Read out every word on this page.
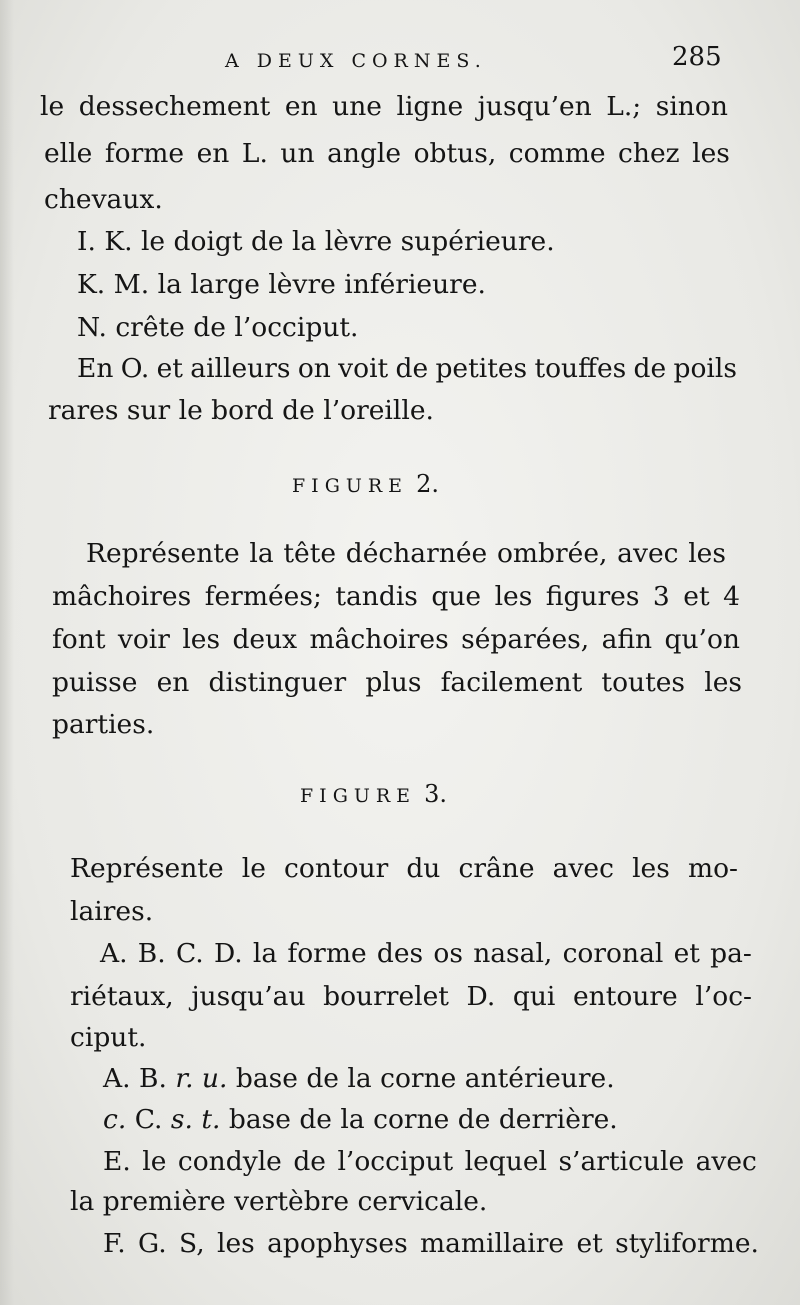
A DEUX CORNES.	285
le dessechement en une ligne jusqu’en L.; sinon
elle forme en L. un angle obtus, comme chez les
chevaux.
I. K. le doigt de la lèvre supérieure.
K. M. la large lèvre inférieure.
N. crête de l’occiput.
En O. et ailleurs on voit de petites touffes de poils
rares sur le bord de l’oreille.
FIGURE 2.
Représente la tête décharnée ombrée, avec les
mâchoires fermées; tandis que les figures 3 et 4
font voir les deux mâchoires séparées, afin qu’on
puisse en distinguer plus facilement toutes les
parties.
FIGURE 3.
Représente le contour du crâne avec les mo-
laires.
A. B. C. D. la forme des os nasal, coronal et pa-
riétaux, jusqu’au bourrelet D. qui entoure l’oc-
ciput.
A. B. r. u. base de la corne antérieure.
c. C. s. t. base de la corne de derrière.
E. le condyle de l’occiput lequel s’articule avec
la première vertèbre cervicale.
F. G. S, les apophyses mamillaire et styliforme.
